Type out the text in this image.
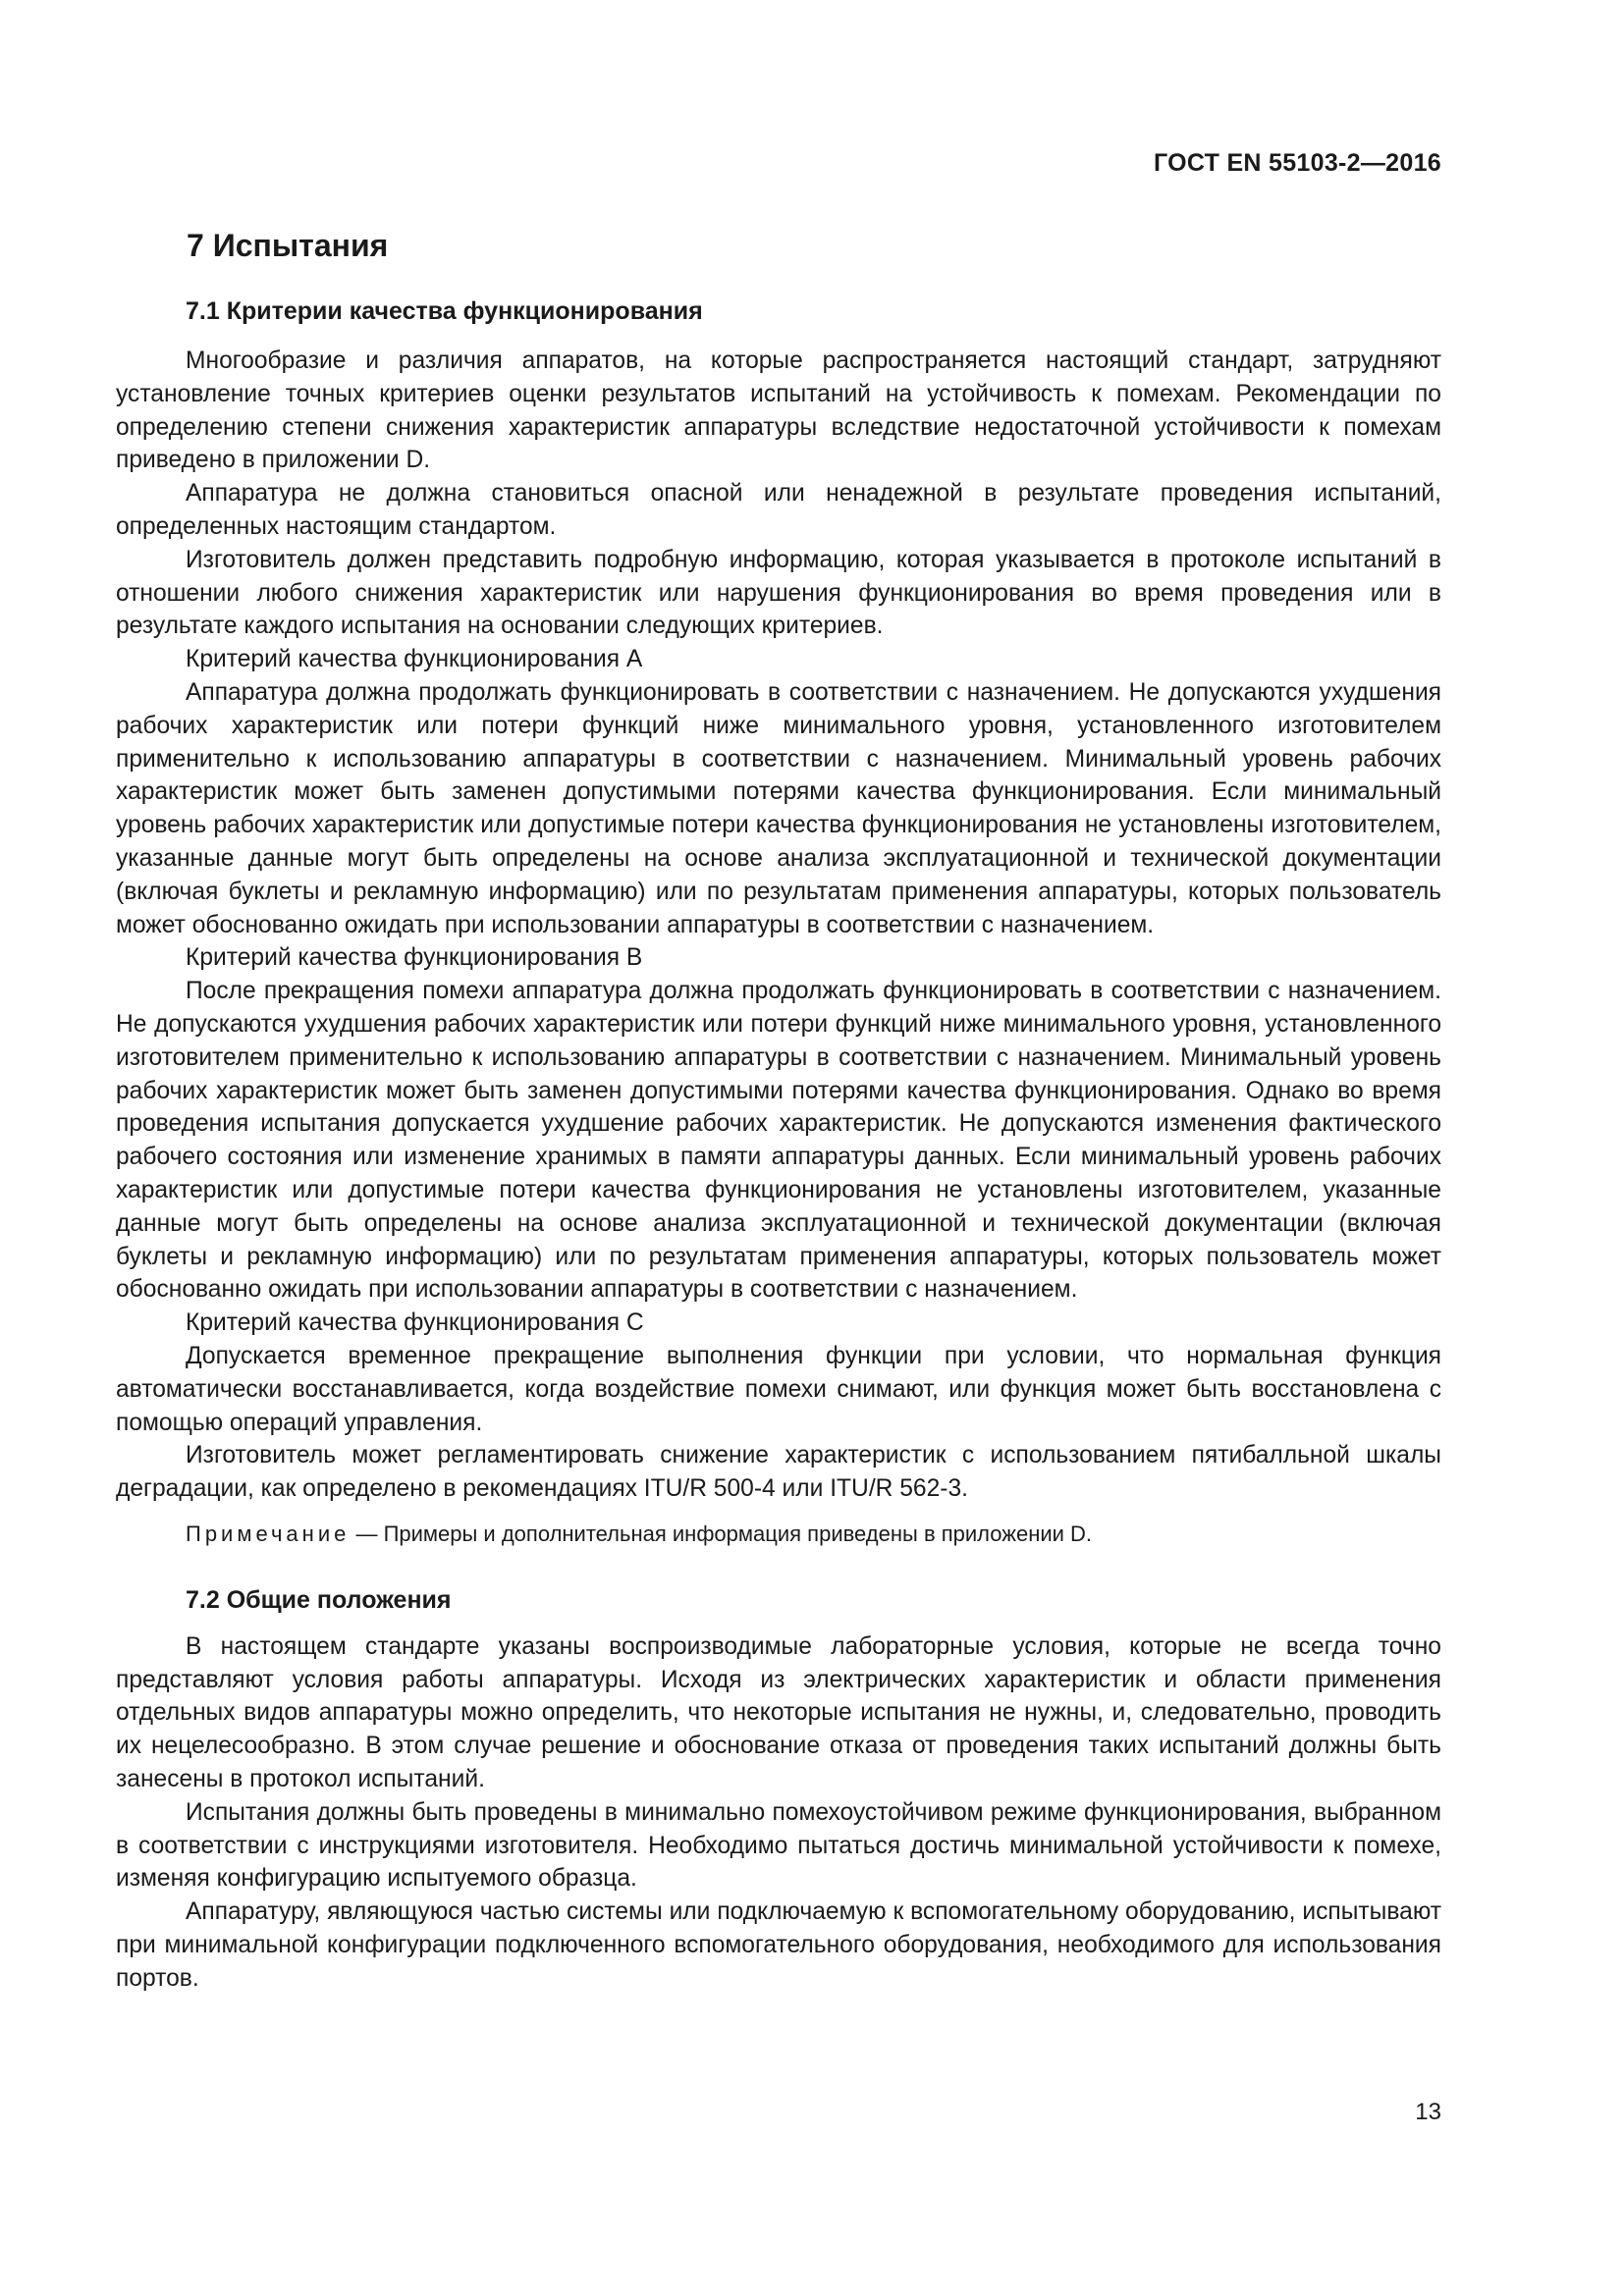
ГОСТ EN 55103-2—2016
7 Испытания
7.1 Критерии качества функционирования

Многообразие и различия аппаратов, на которые распространяется настоящий стандарт, затрудняют установление точных критериев оценки результатов испытаний на устойчивость к помехам. Рекомендации по определению степени снижения характеристик аппаратуры вследствие недостаточной устойчивости к помехам приведено в приложении D.

Аппаратура не должна становиться опасной или ненадежной в результате проведения испытаний, определенных настоящим стандартом.

Изготовитель должен представить подробную информацию, которая указывается в протоколе испытаний в отношении любого снижения характеристик или нарушения функционирования во время проведения или в результате каждого испытания на основании следующих критериев.

Критерий качества функционирования А

Аппаратура должна продолжать функционировать в соответствии с назначением. Не допускаются ухудшения рабочих характеристик или потери функций ниже минимального уровня, установленного изготовителем применительно к использованию аппаратуры в соответствии с назначением. Минимальный уровень рабочих характеристик может быть заменен допустимыми потерями качества функционирования. Если минимальный уровень рабочих характеристик или допустимые потери качества функционирования не установлены изготовителем, указанные данные могут быть определены на основе анализа эксплуатационной и технической документации (включая буклеты и рекламную информацию) или по результатам применения аппаратуры, которых пользователь может обоснованно ожидать при использовании аппаратуры в соответствии с назначением.

Критерий качества функционирования В

После прекращения помехи аппаратура должна продолжать функционировать в соответствии с назначением. Не допускаются ухудшения рабочих характеристик или потери функций ниже минимального уровня, установленного изготовителем применительно к использованию аппаратуры в соответствии с назначением. Минимальный уровень рабочих характеристик может быть заменен допустимыми потерями качества функционирования. Однако во время проведения испытания допускается ухудшение рабочих характеристик. Не допускаются изменения фактического рабочего состояния или изменение хранимых в памяти аппаратуры данных. Если минимальный уровень рабочих характеристик или допустимые потери качества функционирования не установлены изготовителем, указанные данные могут быть определены на основе анализа эксплуатационной и технической документации (включая буклеты и рекламную информацию) или по результатам применения аппаратуры, которых пользователь может обоснованно ожидать при использовании аппаратуры в соответствии с назначением.

Критерий качества функционирования С

Допускается временное прекращение выполнения функции при условии, что нормальная функция автоматически восстанавливается, когда воздействие помехи снимают, или функция может быть восстановлена с помощью операций управления.

Изготовитель может регламентировать снижение характеристик с использованием пятибалльной шкалы деградации, как определено в рекомендациях ITU/R 500-4 или ITU/R 562-3.

Примечание — Примеры и дополнительная информация приведены в приложении D.
7.2 Общие положения

В настоящем стандарте указаны воспроизводимые лабораторные условия, которые не всегда точно представляют условия работы аппаратуры. Исходя из электрических характеристик и области применения отдельных видов аппаратуры можно определить, что некоторые испытания не нужны, и, следовательно, проводить их нецелесообразно. В этом случае решение и обоснование отказа от проведения таких испытаний должны быть занесены в протокол испытаний.

Испытания должны быть проведены в минимально помехоустойчивом режиме функционирования, выбранном в соответствии с инструкциями изготовителя. Необходимо пытаться достичь минимальной устойчивости к помехе, изменяя конфигурацию испытуемого образца.

Аппаратуру, являющуюся частью системы или подключаемую к вспомогательному оборудованию, испытывают при минимальной конфигурации подключенного вспомогательного оборудования, необходимого для использования портов.

13
